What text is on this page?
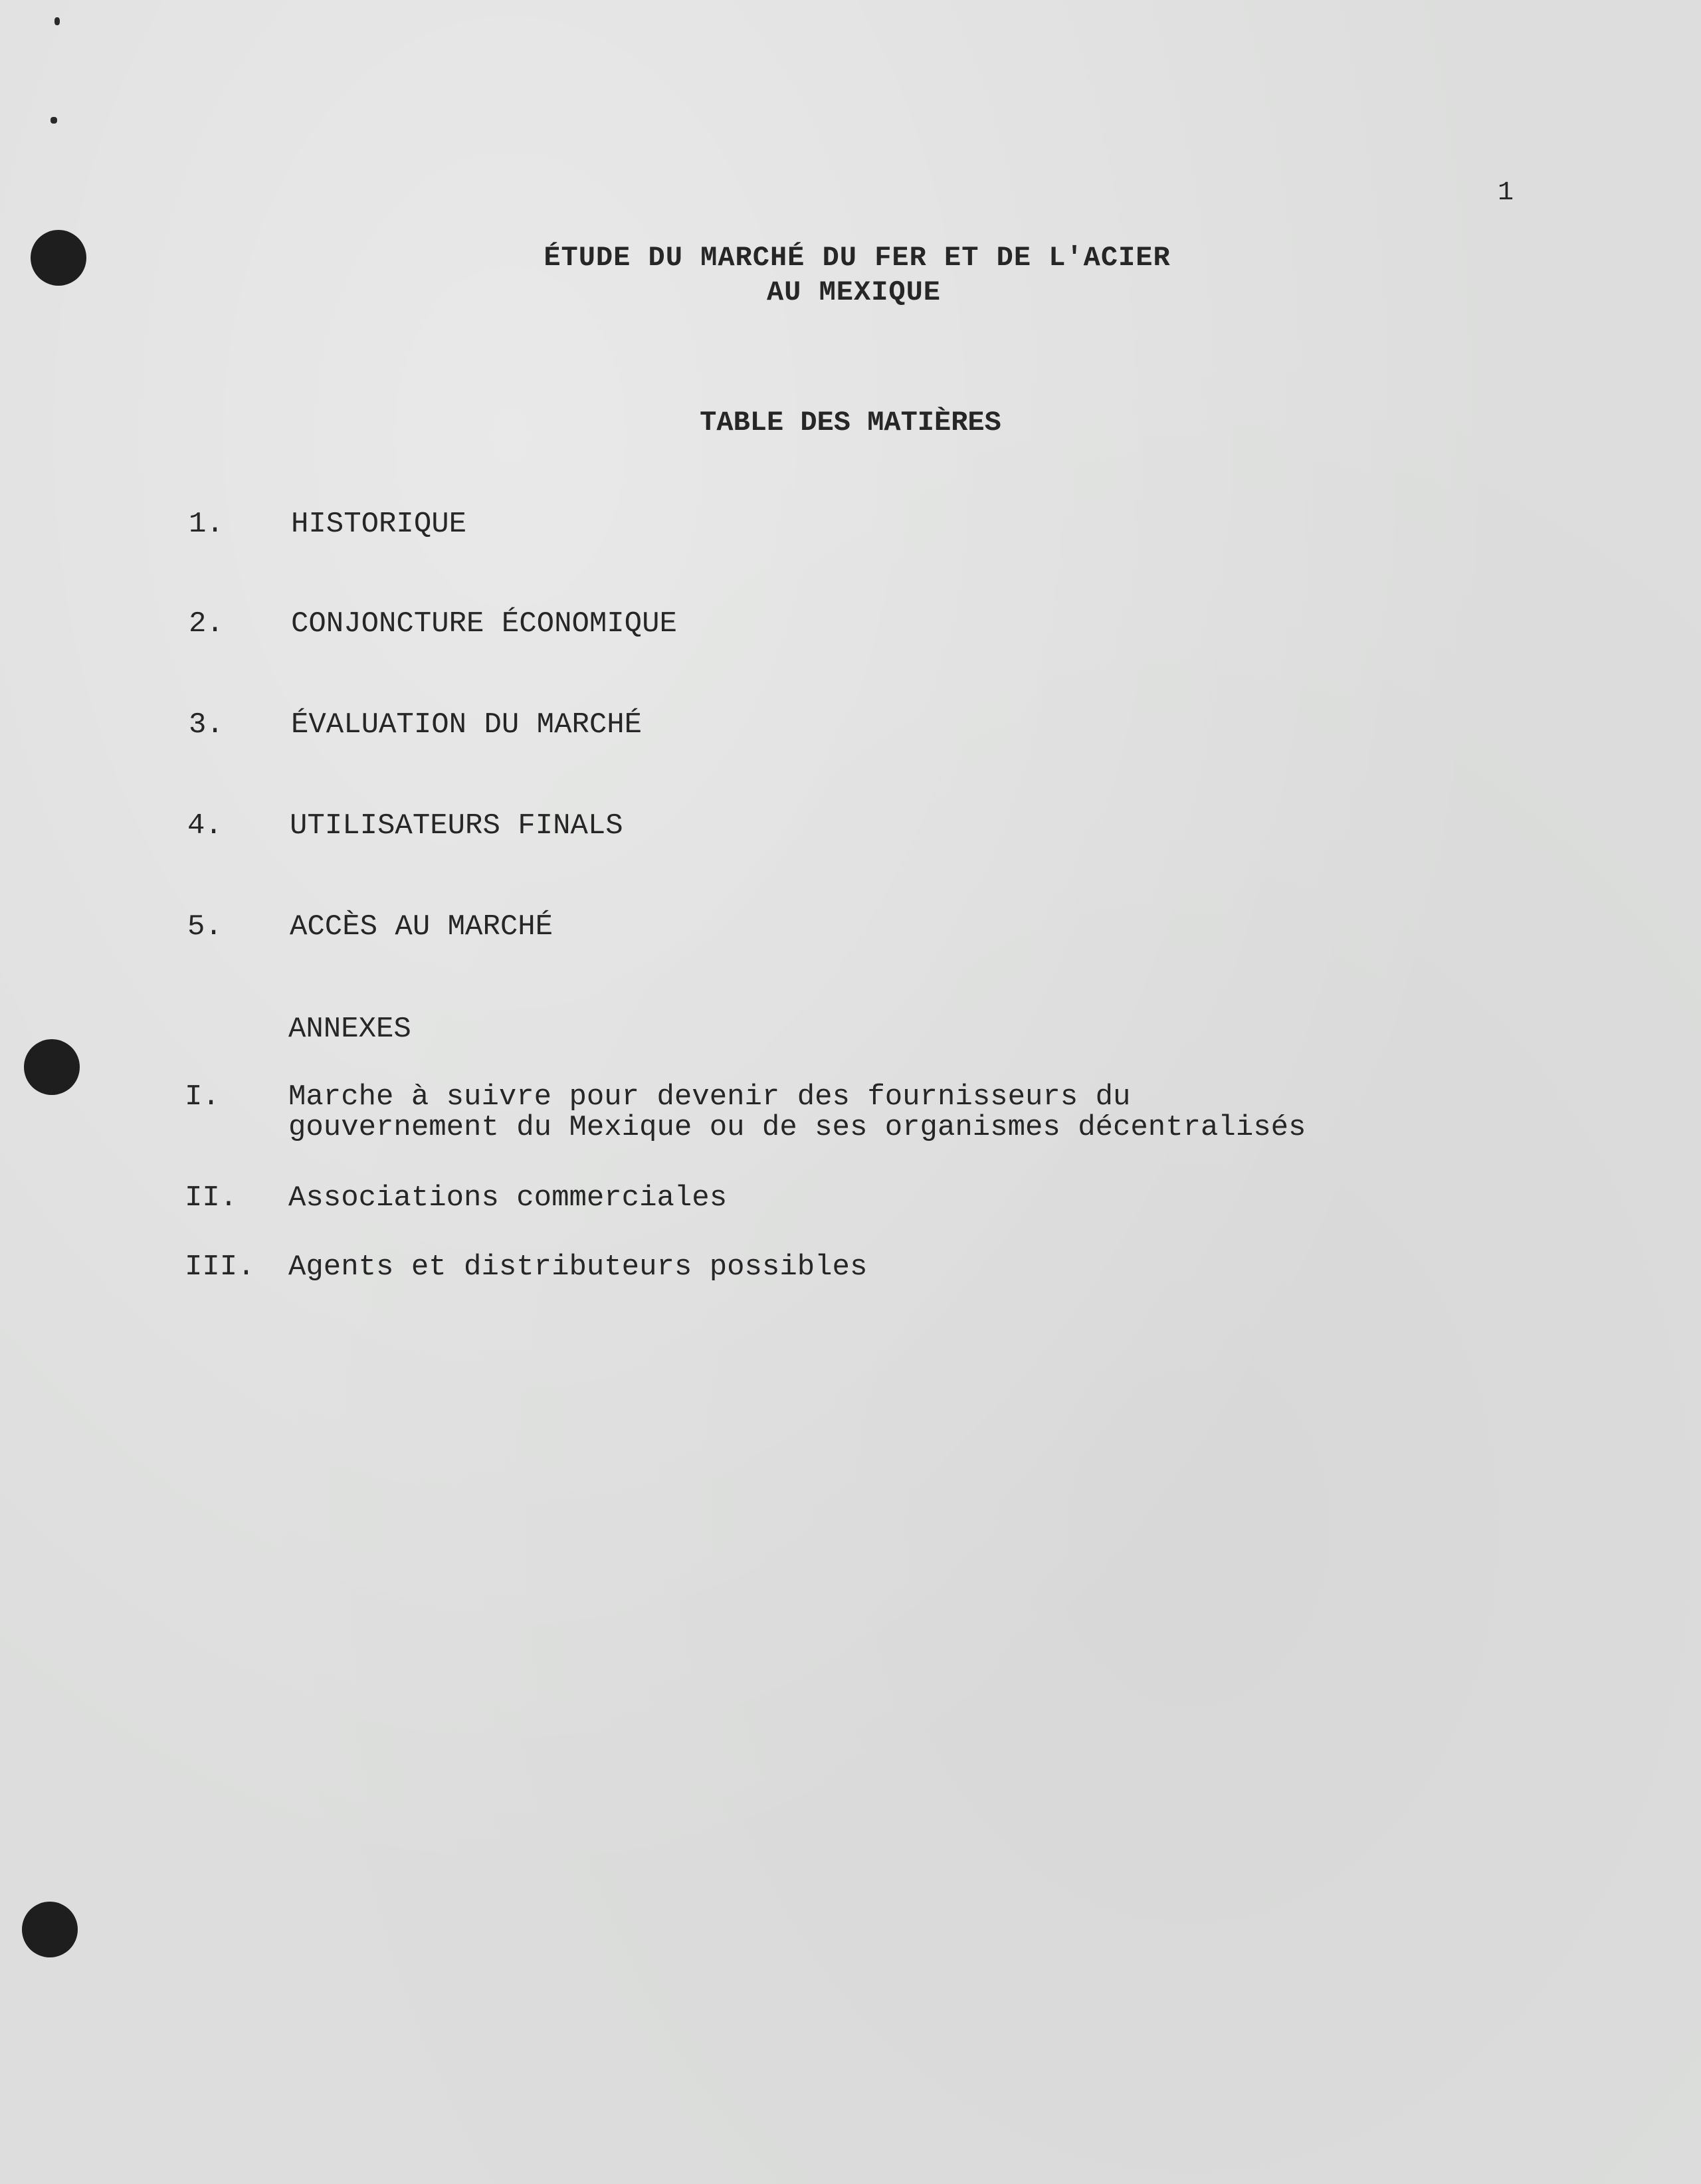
1
ÉTUDE DU MARCHÉ DU FER ET DE L'ACIER
AU MEXIQUE
TABLE DES MATIÈRES
1. HISTORIQUE
2. CONJONCTURE ÉCONOMIQUE
3. ÉVALUATION DU MARCHÉ
4. UTILISATEURS FINALS
5. ACCÈS AU MARCHÉ
ANNEXES
I. Marche à suivre pour devenir des fournisseurs du
gouvernement du Mexique ou de ses organismes décentralisés
II. Associations commerciales
III. Agents et distributeurs possibles
